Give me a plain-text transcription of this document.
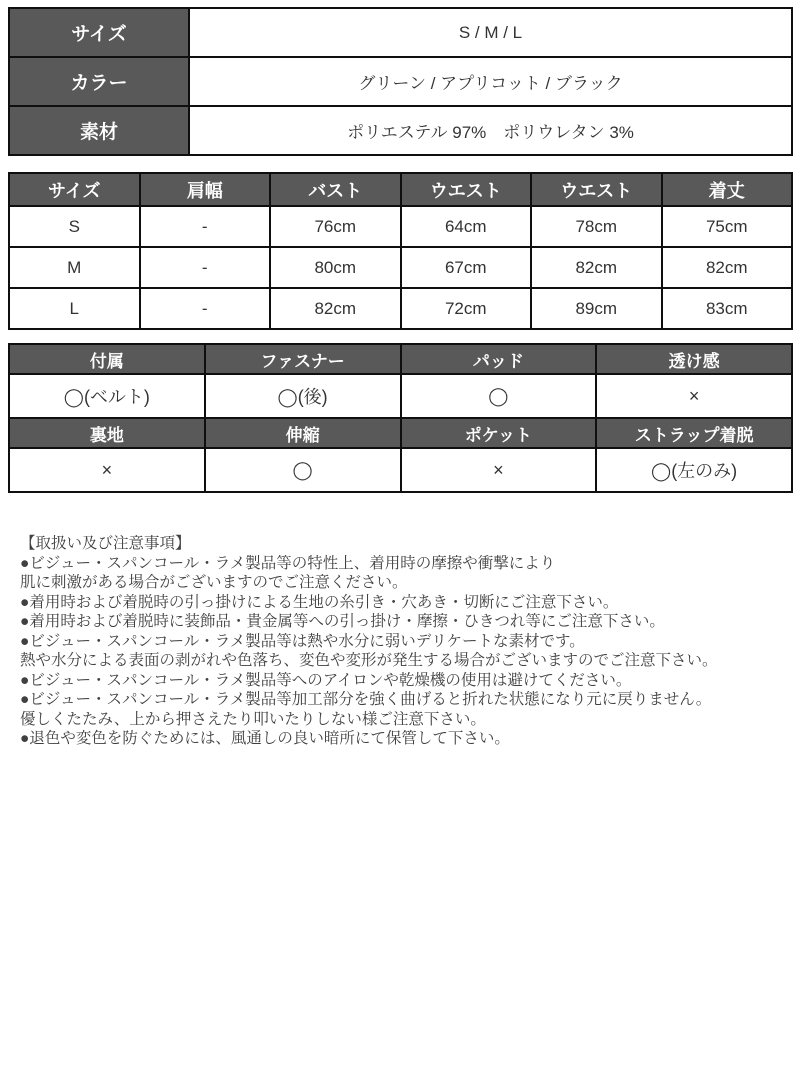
サイズ	S / M / L
カラー	グリーン / アプリコット / ブラック
素材	ポリエステル 97%　ポリウレタン 3%
サイズ	肩幅	バスト	ウエスト	ウエスト	着丈
S	-	76cm	64cm	78cm	75cm
M	-	80cm	67cm	82cm	82cm
L	-	82cm	72cm	89cm	83cm
付属	ファスナー	パッド	透け感
◯(ベルト)	◯(後)	◯	×
裏地	伸縮	ポケット	ストラップ着脱
×	◯	×	◯(左のみ)
【取扱い及び注意事項】
●ビジュー・スパンコール・ラメ製品等の特性上、着用時の摩擦や衝撃により
肌に刺激がある場合がございますのでご注意ください。
●着用時および着脱時の引っ掛けによる生地の糸引き・穴あき・切断にご注意下さい。
●着用時および着脱時に装飾品・貴金属等への引っ掛け・摩擦・ひきつれ等にご注意下さい。
●ビジュー・スパンコール・ラメ製品等は熱や水分に弱いデリケートな素材です。
熱や水分による表面の剥がれや色落ち、変色や変形が発生する場合がございますのでご注意下さい。
●ビジュー・スパンコール・ラメ製品等へのアイロンや乾燥機の使用は避けてください。
●ビジュー・スパンコール・ラメ製品等加工部分を強く曲げると折れた状態になり元に戻りません。
優しくたたみ、上から押さえたり叩いたりしない様ご注意下さい。
●退色や変色を防ぐためには、風通しの良い暗所にて保管して下さい。
